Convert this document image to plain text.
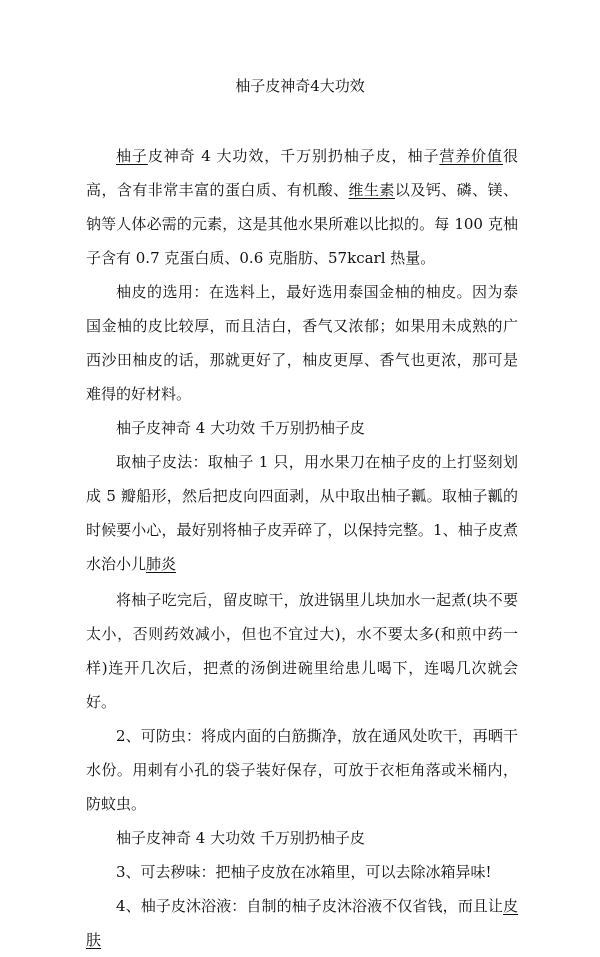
柚子皮神奇4大功效

柚子皮神奇 4 大功效，千万别扔柚子皮，柚子营养价值很高，含有非常丰富的蛋白质、有机酸、维生素以及钙、磷、镁、钠等人体必需的元素，这是其他水果所难以比拟的。每 100 克柚子含有 0.7 克蛋白质、0.6 克脂肪、57kcarl 热量。

柚皮的选用：在选料上，最好选用泰国金柚的柚皮。因为泰国金柚的皮比较厚，而且洁白，香气又浓郁；如果用未成熟的广西沙田柚皮的话，那就更好了，柚皮更厚、香气也更浓，那可是难得的好材料。

柚子皮神奇 4 大功效 千万别扔柚子皮

取柚子皮法：取柚子 1 只，用水果刀在柚子皮的上打竖刻划成 5 瓣船形，然后把皮向四面剥，从中取出柚子瓤。取柚子瓤的时候要小心，最好别将柚子皮弄碎了，以保持完整。1、柚子皮煮水治小儿肺炎

将柚子吃完后，留皮晾干，放进锅里儿块加水一起煮(块不要太小，否则药效减小，但也不宜过大)，水不要太多(和煎中药一样)连开几次后，把煮的汤倒进碗里给患儿喝下，连喝几次就会好。

2、可防虫：将成内面的白筋撕净，放在通风处吹干，再晒干水份。用刺有小孔的袋子装好保存，可放于衣柜角落或米桶内，防蚊虫。

柚子皮神奇 4 大功效 千万别扔柚子皮

3、可去秽味：把柚子皮放在冰箱里，可以去除冰箱异味!

4、柚子皮沐浴液：自制的柚子皮沐浴液不仅省钱，而且让皮肤
